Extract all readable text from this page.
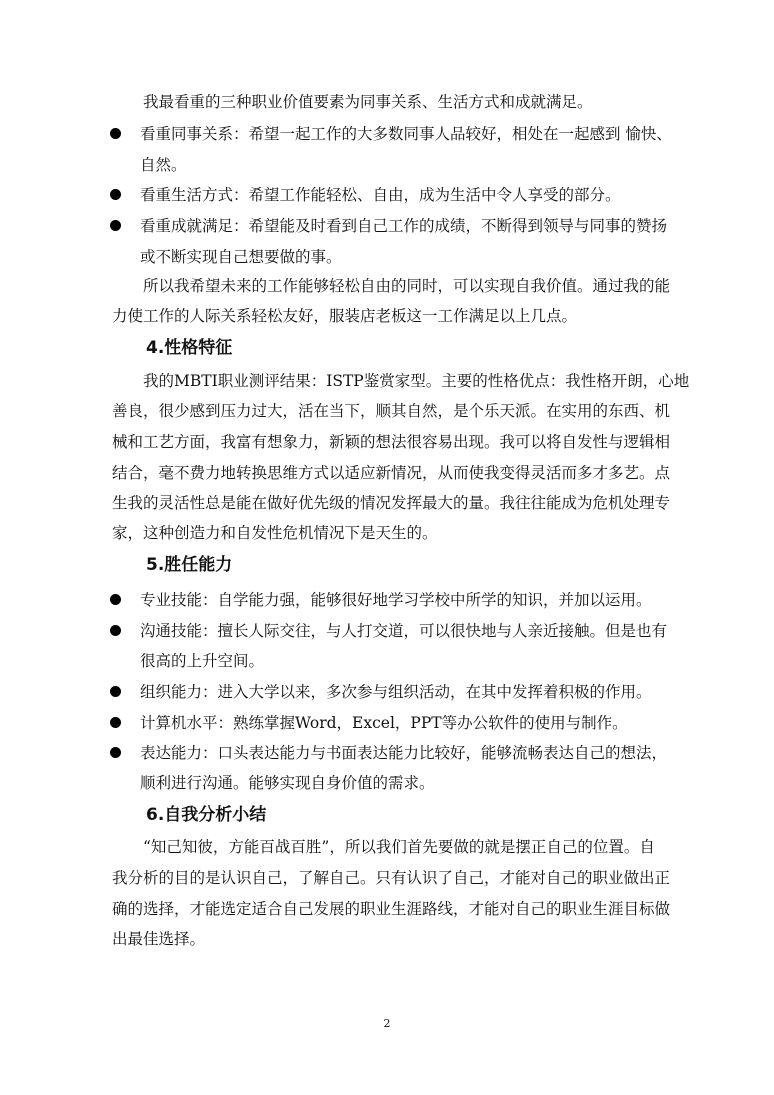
我最看重的三种职业价值要素为同事关系、生活方式和成就满足。
看重同事关系：希望一起工作的大多数同事人品较好，相处在一起感到 愉快、
自然。
看重生活方式：希望工作能轻松、自由，成为生活中令人享受的部分。
看重成就满足：希望能及时看到自己工作的成绩，不断得到领导与同事的赞扬
或不断实现自己想要做的事。
所以我希望未来的工作能够轻松自由的同时，可以实现自我价值。通过我的能
力使工作的人际关系轻松友好，服装店老板这一工作满足以上几点。
4.性格特征
我的MBTI职业测评结果：ISTP鉴赏家型。主要的性格优点：我性格开朗，心地
善良，很少感到压力过大，活在当下，顺其自然，是个乐天派。在实用的东西、机
械和工艺方面，我富有想象力，新颖的想法很容易出现。我可以将自发性与逻辑相
结合，毫不费力地转换思维方式以适应新情况，从而使我变得灵活而多才多艺。点
生我的灵活性总是能在做好优先级的情况发挥最大的量。我往往能成为危机处理专
家，这种创造力和自发性危机情况下是天生的。
5.胜任能力
专业技能：自学能力强，能够很好地学习学校中所学的知识，并加以运用。
沟通技能：擅长人际交往，与人打交道，可以很快地与人亲近接触。但是也有
很高的上升空间。
组织能力：进入大学以来，多次参与组织活动，在其中发挥着积极的作用。
计算机水平：熟练掌握Word，Excel，PPT等办公软件的使用与制作。
表达能力：口头表达能力与书面表达能力比较好，能够流畅表达自己的想法，
顺利进行沟通。能够实现自身价值的需求。
6.自我分析小结
“知己知彼，方能百战百胜”，所以我们首先要做的就是摆正自己的位置。自
我分析的目的是认识自己，了解自己。只有认识了自己，才能对自己的职业做出正
确的选择，才能选定适合自己发展的职业生涯路线，才能对自己的职业生涯目标做
出最佳选择。
2
